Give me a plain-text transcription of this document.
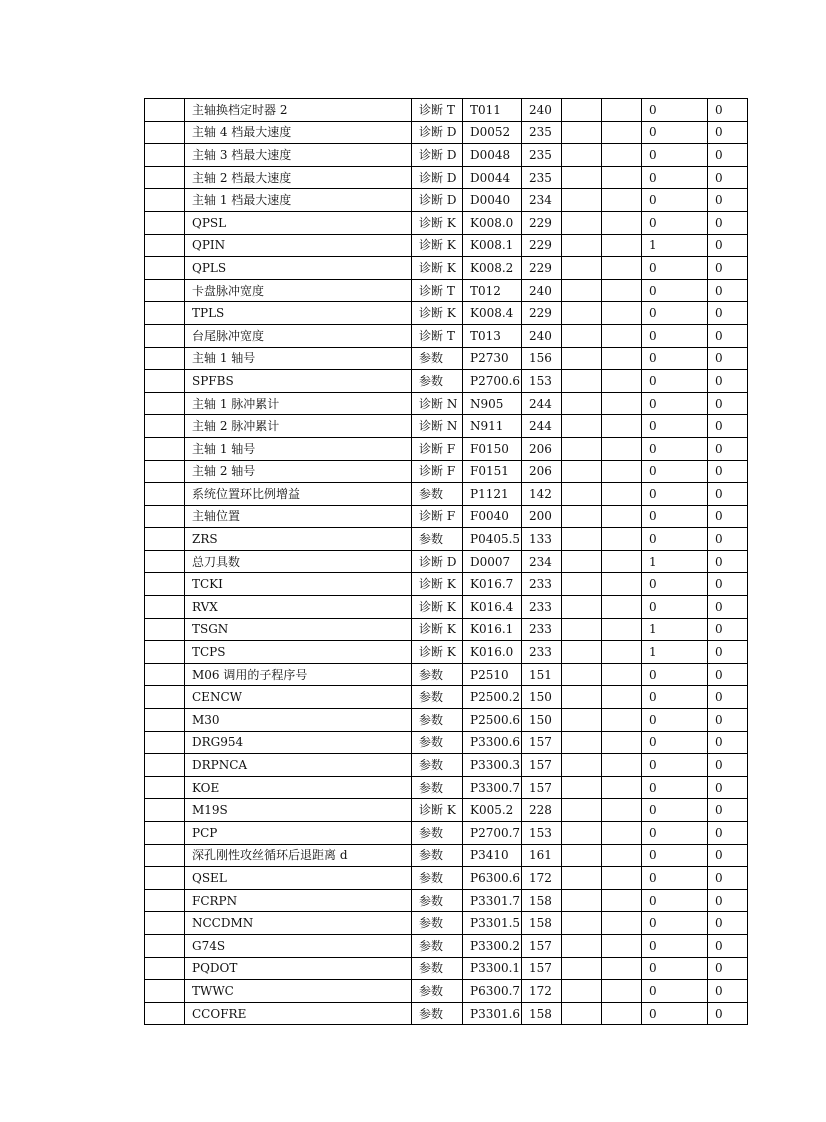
	主轴换档定时器 2	诊断 T	T011	240			0	0
	主轴 4 档最大速度	诊断 D	D0052	235			0	0
	主轴 3 档最大速度	诊断 D	D0048	235			0	0
	主轴 2 档最大速度	诊断 D	D0044	235			0	0
	主轴 1 档最大速度	诊断 D	D0040	234			0	0
	QPSL	诊断 K	K008.0	229			0	0
	QPIN	诊断 K	K008.1	229			1	0
	QPLS	诊断 K	K008.2	229			0	0
	卡盘脉冲宽度	诊断 T	T012	240			0	0
	TPLS	诊断 K	K008.4	229			0	0
	台尾脉冲宽度	诊断 T	T013	240			0	0
	主轴 1 轴号	参数	P2730	156			0	0
	SPFBS	参数	P2700.6	153			0	0
	主轴 1 脉冲累计	诊断 N	N905	244			0	0
	主轴 2 脉冲累计	诊断 N	N911	244			0	0
	主轴 1 轴号	诊断 F	F0150	206			0	0
	主轴 2 轴号	诊断 F	F0151	206			0	0
	系统位置环比例增益	参数	P1121	142			0	0
	主轴位置	诊断 F	F0040	200			0	0
	ZRS	参数	P0405.5	133			0	0
	总刀具数	诊断 D	D0007	234			1	0
	TCKI	诊断 K	K016.7	233			0	0
	RVX	诊断 K	K016.4	233			0	0
	TSGN	诊断 K	K016.1	233			1	0
	TCPS	诊断 K	K016.0	233			1	0
	M06 调用的子程序号	参数	P2510	151			0	0
	CENCW	参数	P2500.2	150			0	0
	M30	参数	P2500.6	150			0	0
	DRG954	参数	P3300.6	157			0	0
	DRPNCA	参数	P3300.3	157			0	0
	KOE	参数	P3300.7	157			0	0
	M19S	诊断 K	K005.2	228			0	0
	PCP	参数	P2700.7	153			0	0
	深孔刚性攻丝循环后退距离 d	参数	P3410	161			0	0
	QSEL	参数	P6300.6	172			0	0
	FCRPN	参数	P3301.7	158			0	0
	NCCDMN	参数	P3301.5	158			0	0
	G74S	参数	P3300.2	157			0	0
	PQDOT	参数	P3300.1	157			0	0
	TWWC	参数	P6300.7	172			0	0
	CCOFRE	参数	P3301.6	158			0	0
